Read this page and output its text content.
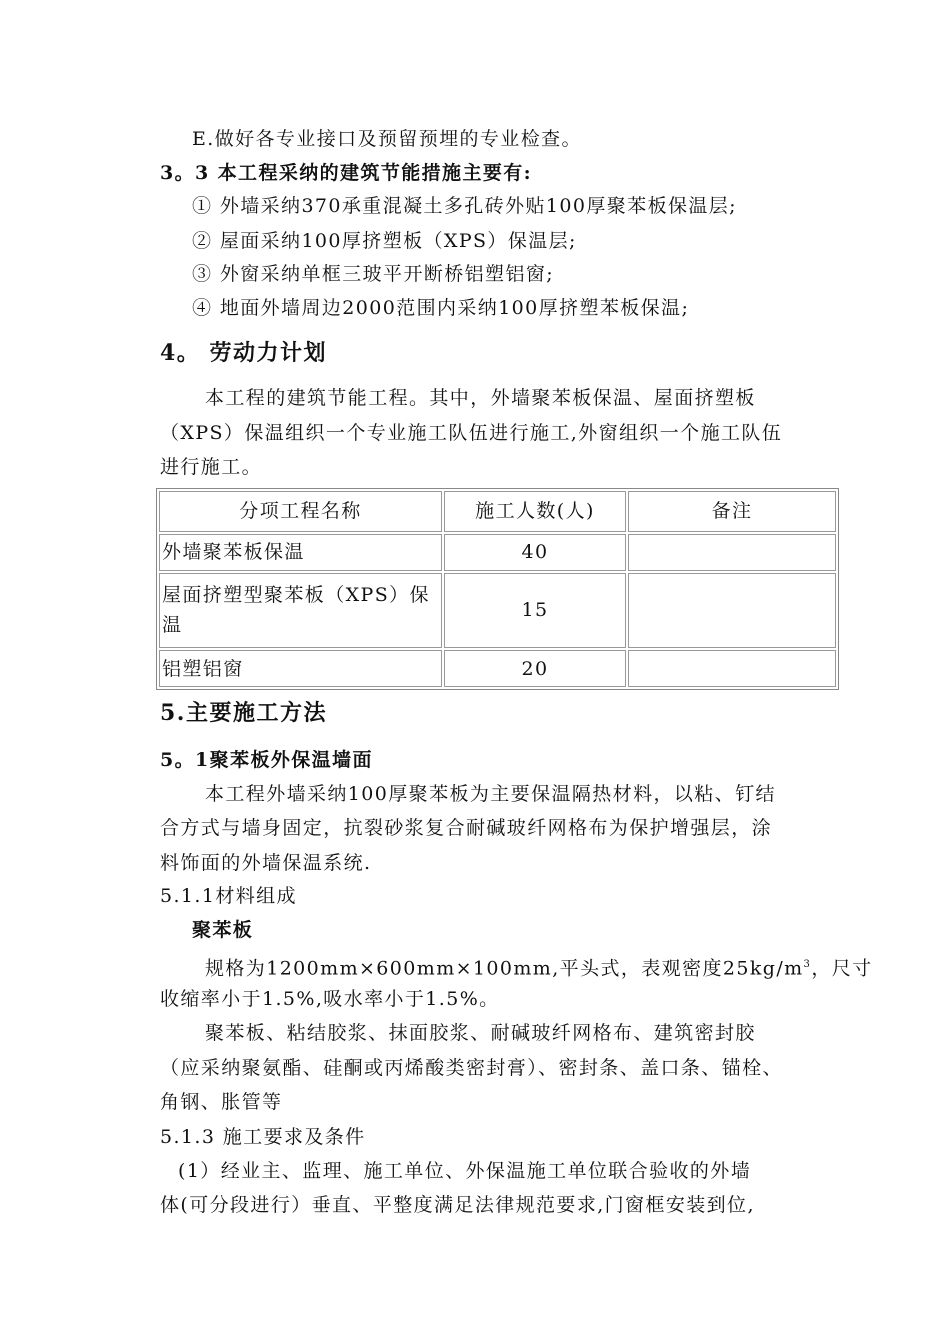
E.做好各专业接口及预留预埋的专业检查。
3。3 本工程采纳的建筑节能措施主要有:
① 外墙采纳370承重混凝土多孔砖外贴100厚聚苯板保温层;
② 屋面采纳100厚挤塑板（XPS）保温层;
③ 外窗采纳单框三玻平开断桥铝塑铝窗;
④ 地面外墙周边2000范围内采纳100厚挤塑苯板保温;
4。 劳动力计划
本工程的建筑节能工程。其中，外墙聚苯板保温、屋面挤塑板
（XPS）保温组织一个专业施工队伍进行施工,外窗组织一个施工队伍
进行施工。
分项工程名称	施工人数(人)	备注
外墙聚苯板保温	40	
屋面挤塑型聚苯板（XPS）保温	15	
铝塑铝窗	20	
5.主要施工方法
5。1聚苯板外保温墙面
本工程外墙采纳100厚聚苯板为主要保温隔热材料，以粘、钉结
合方式与墙身固定，抗裂砂浆复合耐碱玻纤网格布为保护增强层，涂
料饰面的外墙保温系统.
5.1.1材料组成
聚苯板
规格为1200mm×600mm×100mm,平头式，表观密度$25kg/m^3$，尺寸
收缩率小于1.5%,吸水率小于1.5%。
聚苯板、粘结胶浆、抹面胶浆、耐碱玻纤网格布、建筑密封胶
（应采纳聚氨酯、硅酮或丙烯酸类密封膏）、密封条、盖口条、锚栓、
角钢、胀管等
5.1.3 施工要求及条件
(1）经业主、监理、施工单位、外保温施工单位联合验收的外墙
体(可分段进行）垂直、平整度满足法律规范要求,门窗框安装到位,
